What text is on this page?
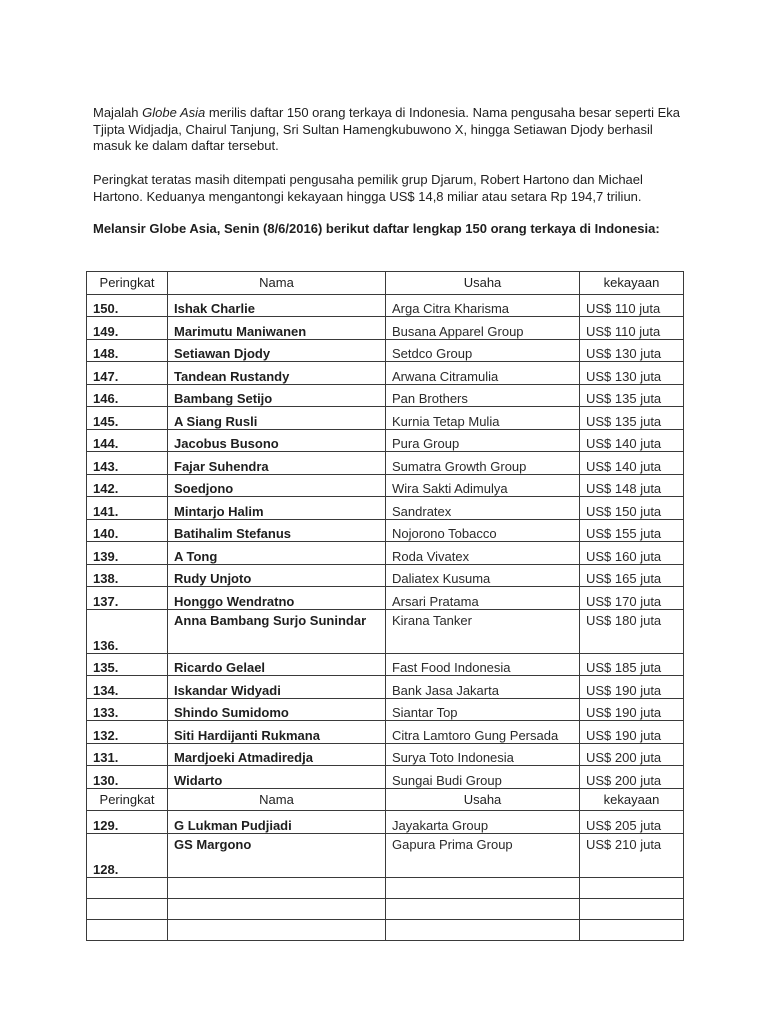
Majalah Globe Asia merilis daftar 150 orang terkaya di Indonesia. Nama pengusaha besar seperti Eka Tjipta Widjadja, Chairul Tanjung, Sri Sultan Hamengkubuwono X, hingga Setiawan Djody berhasil masuk ke dalam daftar tersebut.

Peringkat teratas masih ditempati pengusaha pemilik grup Djarum, Robert Hartono dan Michael Hartono. Keduanya mengantongi kekayaan hingga US$ 14,8 miliar atau setara Rp 194,7 triliun.

Melansir Globe Asia, Senin (8/6/2016) berikut daftar lengkap 150 orang terkaya di Indonesia:

Peringkat	Nama	Usaha	kekayaan
150.	Ishak Charlie	Arga Citra Kharisma	US$ 110 juta
149.	Marimutu Maniwanen	Busana Apparel Group	US$ 110 juta
148.	Setiawan Djody	Setdco Group	US$ 130 juta
147.	Tandean Rustandy	Arwana Citramulia	US$ 130 juta
146.	Bambang Setijo	Pan Brothers	US$ 135 juta
145.	A Siang Rusli	Kurnia Tetap Mulia	US$ 135 juta
144.	Jacobus Busono	Pura Group	US$ 140 juta
143.	Fajar Suhendra	Sumatra Growth Group	US$ 140 juta
142.	Soedjono	Wira Sakti Adimulya	US$ 148 juta
141.	Mintarjo Halim	Sandratex	US$ 150 juta
140.	Batihalim Stefanus	Nojorono Tobacco	US$ 155 juta
139.	A Tong	Roda Vivatex	US$ 160 juta
138.	Rudy Unjoto	Daliatex Kusuma	US$ 165 juta
137.	Honggo Wendratno	Arsari Pratama	US$ 170 juta
136.	Anna Bambang Surjo Sunindar	Kirana Tanker	US$ 180 juta
135.	Ricardo Gelael	Fast Food Indonesia	US$ 185 juta
134.	Iskandar Widyadi	Bank Jasa Jakarta	US$ 190 juta
133.	Shindo Sumidomo	Siantar Top	US$ 190 juta
132.	Siti Hardijanti Rukmana	Citra Lamtoro Gung Persada	US$ 190 juta
131.	Mardjoeki Atmadiredja	Surya Toto Indonesia	US$ 200 juta
130.	Widarto	Sungai Budi Group	US$ 200 juta
Peringkat	Nama	Usaha	kekayaan
129.	G Lukman Pudjiadi	Jayakarta Group	US$ 205 juta
128.	GS Margono	Gapura Prima Group	US$ 210 juta
